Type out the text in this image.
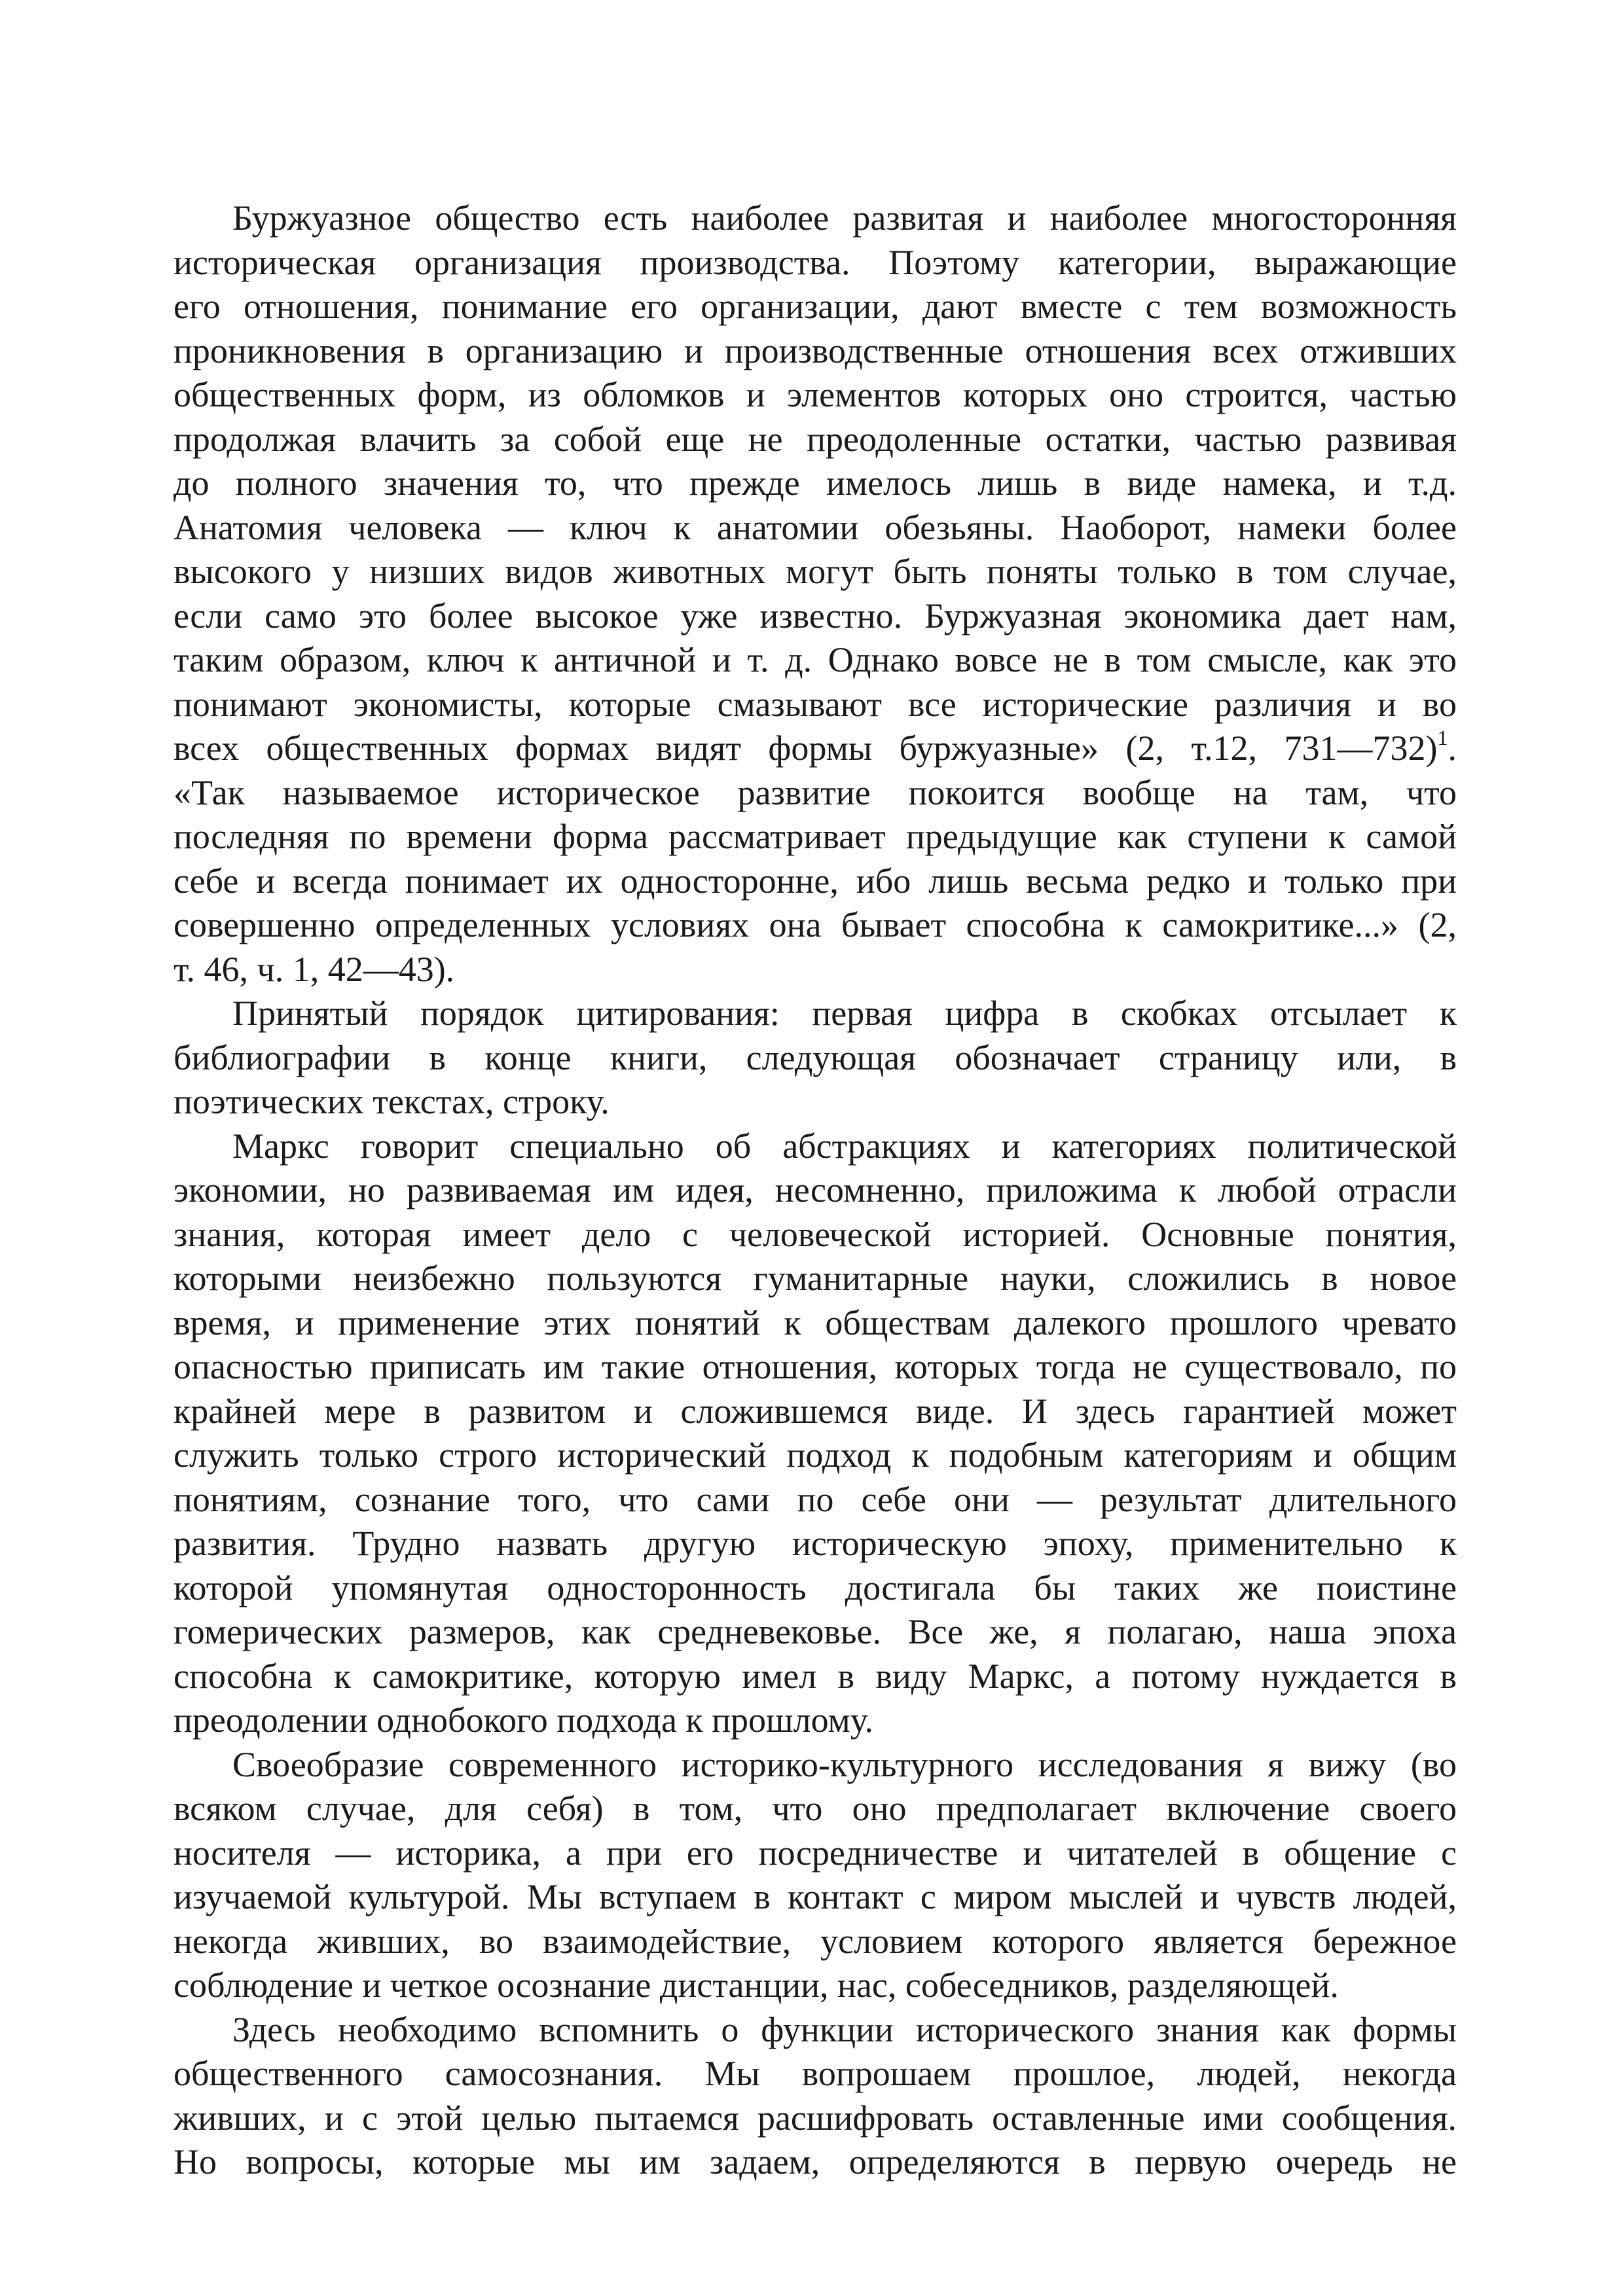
Буржуазное общество есть наиболее развитая и наиболее многосторонняя
историческая организация производства. Поэтому категории, выражающие
его отношения, понимание его организации, дают вместе с тем возможность
проникновения в организацию и производственные отношения всех отживших
общественных форм, из обломков и элементов которых оно строится, частью
продолжая влачить за собой еще не преодоленные остатки, частью развивая
до полного значения то, что прежде имелось лишь в виде намека, и т.д.
Анатомия человека — ключ к анатомии обезьяны. Наоборот, намеки более
высокого у низших видов животных могут быть поняты только в том случае,
если само это более высокое уже известно. Буржуазная экономика дает нам,
таким образом, ключ к античной и т. д. Однако вовсе не в том смысле, как это
понимают экономисты, которые смазывают все исторические различия и во
всех общественных формах видят формы буржуазные» (2, т.12, 731—732)$^1$.
«Так называемое историческое развитие покоится вообще на там, что
последняя по времени форма рассматривает предыдущие как ступени к самой
себе и всегда понимает их односторонне, ибо лишь весьма редко и только при
совершенно определенных условиях она бывает способна к самокритике...» (2,
т. 46, ч. 1, 42—43).
Принятый порядок цитирования: первая цифра в скобках отсылает к
библиографии в конце книги, следующая обозначает страницу или, в
поэтических текстах, строку.
Маркс говорит специально об абстракциях и категориях политической
экономии, но развиваемая им идея, несомненно, приложима к любой отрасли
знания, которая имеет дело с человеческой историей. Основные понятия,
которыми неизбежно пользуются гуманитарные науки, сложились в новое
время, и применение этих понятий к обществам далекого прошлого чревато
опасностью приписать им такие отношения, которых тогда не существовало, по
крайней мере в развитом и сложившемся виде. И здесь гарантией может
служить только строго исторический подход к подобным категориям и общим
понятиям, сознание того, что сами по себе они — результат длительного
развития. Трудно назвать другую историческую эпоху, применительно к
которой упомянутая односторонность достигала бы таких же поистине
гомерических размеров, как средневековье. Все же, я полагаю, наша эпоха
способна к самокритике, которую имел в виду Маркс, а потому нуждается в
преодолении однобокого подхода к прошлому.
Своеобразие современного историко-культурного исследования я вижу (во
всяком случае, для себя) в том, что оно предполагает включение своего
носителя — историка, а при его посредничестве и читателей в общение с
изучаемой культурой. Мы вступаем в контакт с миром мыслей и чувств людей,
некогда живших, во взаимодействие, условием которого является бережное
соблюдение и четкое осознание дистанции, нас, собеседников, разделяющей.
Здесь необходимо вспомнить о функции исторического знания как формы
общественного самосознания. Мы вопрошаем прошлое, людей, некогда
живших, и с этой целью пытаемся расшифровать оставленные ими сообщения.
Но вопросы, которые мы им задаем, определяются в первую очередь не
